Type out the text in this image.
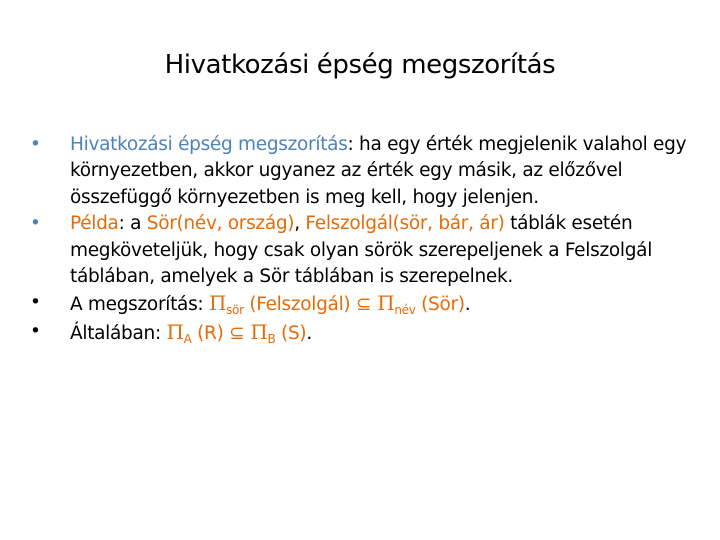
Hivatkozási épség megszorítás
•	Hivatkozási épség megszorítás: ha egy érték megjelenik valahol egy környezetben, akkor ugyanez az érték egy másik, az előzővel összefüggő környezetben is meg kell, hogy jelenjen.
•	Példa: a Sör(név, ország), Felszolgál(sör, bár, ár) táblák esetén megköveteljük, hogy csak olyan sörök szerepeljenek a Felszolgál táblában, amelyek a Sör táblában is szerepelnek.
•	A megszorítás: $\Pi_{sör}$ (Felszolgál) ⊆ $\Pi_{név}$ (Sör).
•	Általában: $\Pi_A$ (R) ⊆ $\Pi_B$ (S).
